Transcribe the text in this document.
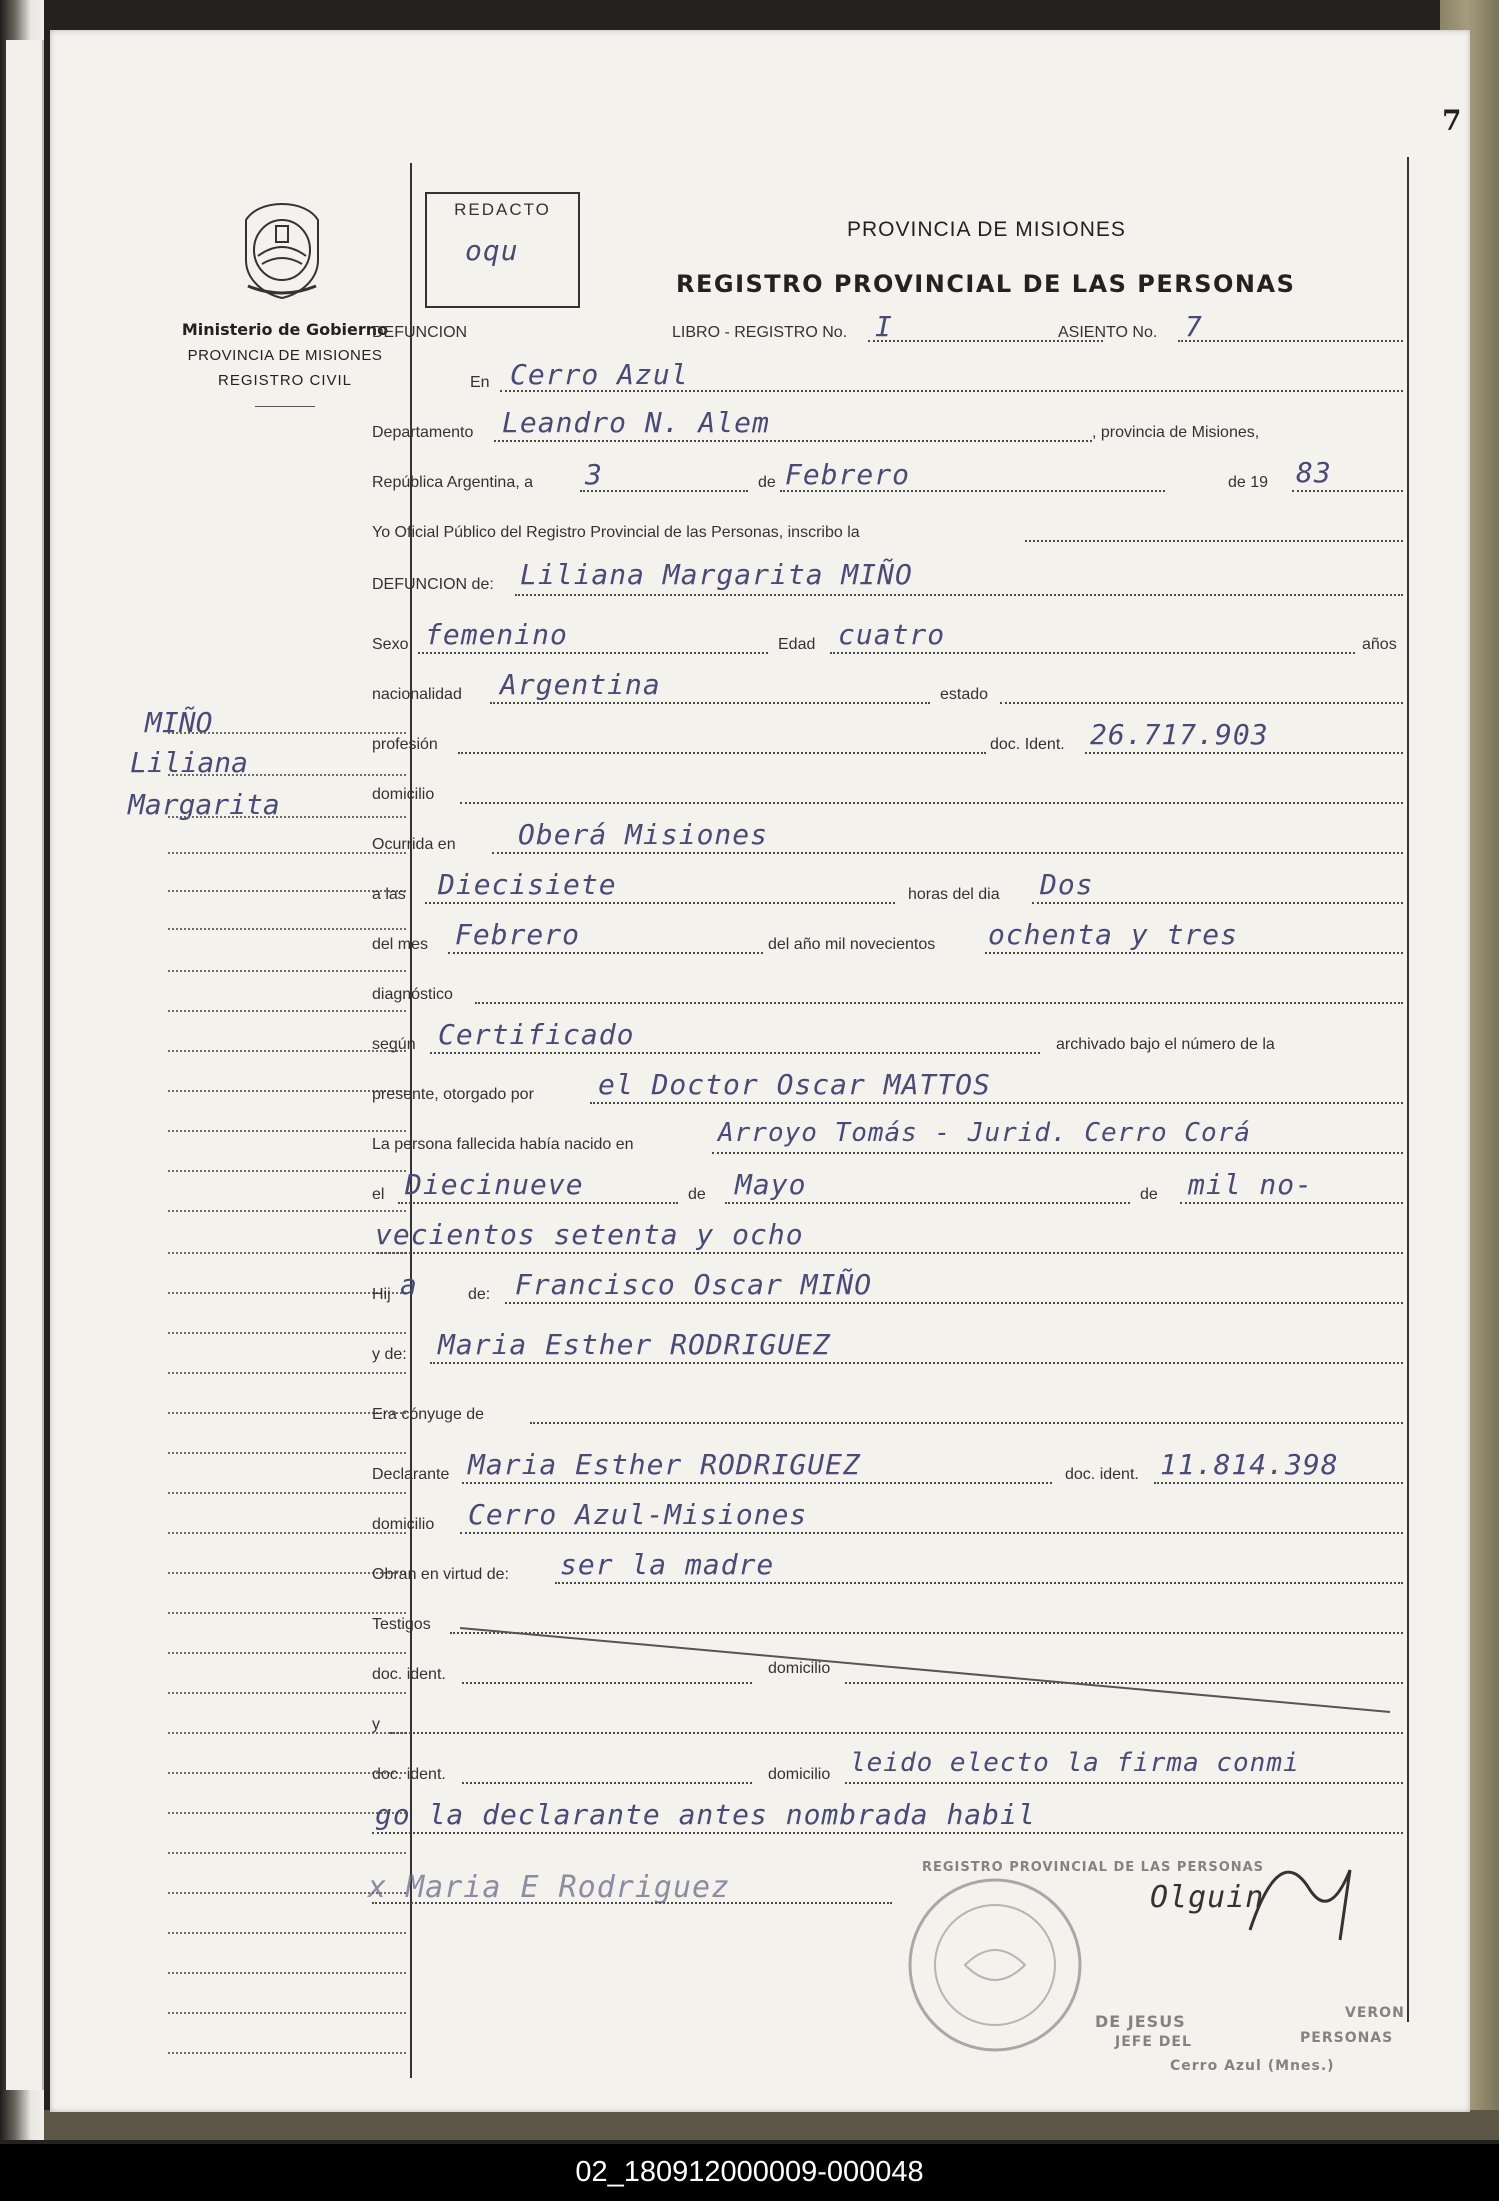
7
Ministerio de Gobierno
PROVINCIA DE MISIONES
REGISTRO CIVIL
MIÑO
Liliana
Margarita
REDACTO
oqu
PROVINCIA DE MISIONES
REGISTRO PROVINCIAL DE LAS PERSONAS
DEFUNCION	LIBRO - REGISTRO No. I	ASIENTO No. 7
En Cerro Azul
Departamento Leandro N. Alem	, provincia de Misiones,
República Argentina, a 3	de Febrero	de 19 83
Yo Oficial Público del Registro Provincial de las Personas, inscribo la
DEFUNCION de: Liliana Margarita MIÑO
Sexo femenino	Edad cuatro	años
nacionalidad Argentina	estado
profesión	doc. Ident. 26.717.903
domicilio
Ocurrida en Oberá Misiones
a las Diecisiete	horas del dia Dos
del mes Febrero	del año mil novecientos ochenta y tres
diagnóstico
según Certificado	archivado bajo el número de la
presente, otorgado por el Doctor Oscar MATTOS
La persona fallecida había nacido en	Arroyo Tomás - Jurid. Cerro Corá
el Diecinueve	de Mayo	de mil no-
vecientos setenta y ocho
Hij a	de: Francisco Oscar MIÑO
y de: Maria Esther RODRIGUEZ
Era cónyuge de
Declarante Maria Esther RODRIGUEZ	doc. ident. 11.814.398
domicilio Cerro Azul-Misiones
Obran en virtud de: ser la madre
Testigos
doc. ident.	domicilio
y
doc. ident.	domicilio leido electo la firma conmi
go la declarante antes nombrada habil
x Maria E Rodriguez	Olguin
REGISTRO PROVINCIAL DE LAS PERSONAS
DE JESUS	VERON
JEFE DEL	PERSONAS
Cerro Azul (Mnes.)
02_180912000009-000048
